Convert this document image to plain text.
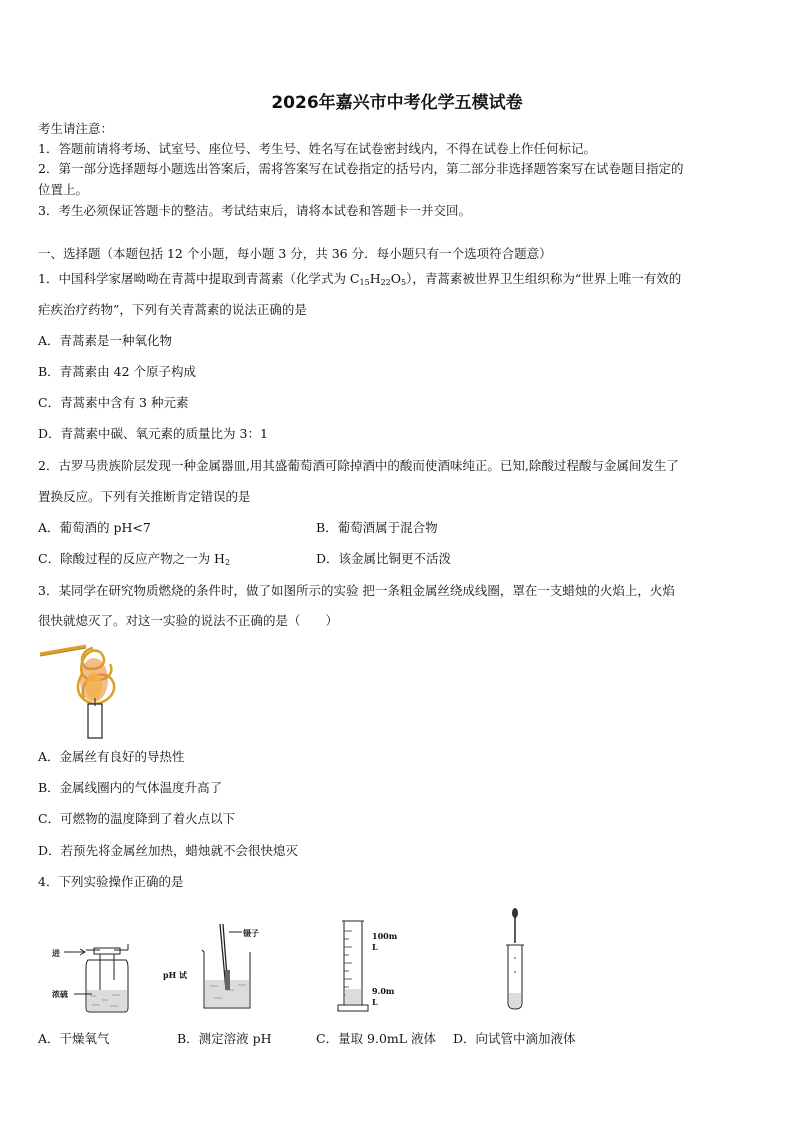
2026年嘉兴市中考化学五模试卷
考生请注意：
1．答题前请将考场、试室号、座位号、考生号、姓名写在试卷密封线内，不得在试卷上作任何标记。
2．第一部分选择题每小题选出答案后，需将答案写在试卷指定的括号内，第二部分非选择题答案写在试卷题目指定的
位置上。
3．考生必须保证答题卡的整洁。考试结束后，请将本试卷和答题卡一并交回。
一、选择题（本题包括 12 个小题，每小题 3 分，共 36 分．每小题只有一个选项符合题意）
1．中国科学家屠呦呦在青蒿中提取到青蒿素（化学式为 $C_{15}H_{22}O_5$），青蒿素被世界卫生组织称为“世界上唯一有效的
疟疾治疗药物”，下列有关青蒿素的说法正确的是
A．青蒿素是一种氧化物
B．青蒿素由 42 个原子构成
C．青蒿素中含有 3 种元素
D．青蒿素中碳、氧元素的质量比为 3：1
2．古罗马贵族阶层发现一种金属器皿,用其盛葡萄酒可除掉酒中的酸而使酒味纯正。已知,除酸过程酸与金属间发生了
置换反应。下列有关推断肯定错误的是
A．葡萄酒的 pH<7	B．葡萄酒属于混合物
C．除酸过程的反应产物之一为 $H_2$	D．该金属比铜更不活泼
3．某同学在研究物质燃烧的条件时，做了如图所示的实验 把一条粗金属丝绕成线圈，罩在一支蜡烛的火焰上，火焰
很快就熄灭了。对这一实验的说法不正确的是（　　）
A．金属丝有良好的导热性
B．金属线圈内的气体温度升高了
C．可燃物的温度降到了着火点以下
D．若预先将金属丝加热，蜡烛就不会很快熄灭
4．下列实验操作正确的是
进
浓硫
镊子
pH 试
100m
L
9.0m
L
A．干燥氧气	B．测定溶液 pH	C．量取 9.0mL 液体 D．向试管中滴加液体
